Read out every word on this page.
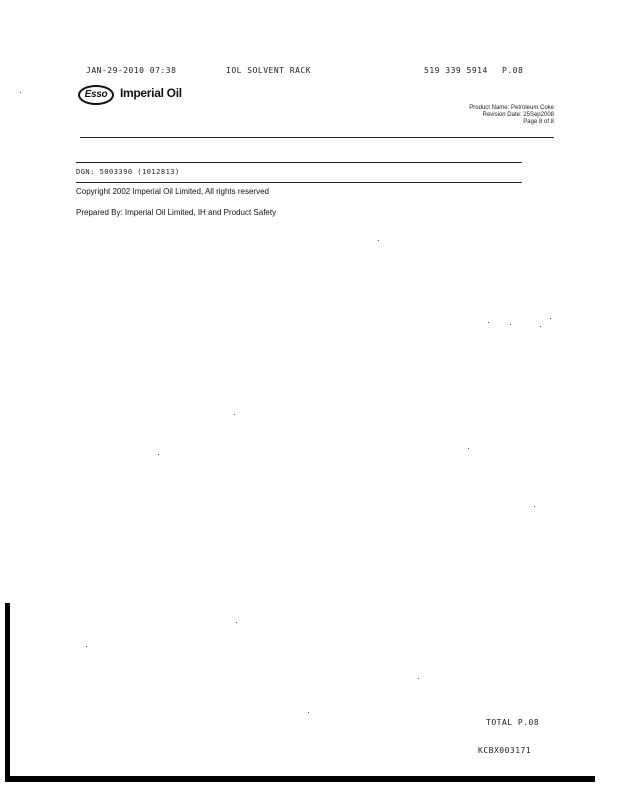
JAN-29-2010 07:38	IOL SOLVENT RACK	519 339 5914 P.08
Esso	Imperial Oil
Product Name: Petroleum Coke
Revision Date: 25Sep2008
Page 8 of 8
DGN: 5003390 (1012813)
Copyright 2002 Imperial Oil Limited, All rights reserved
Prepared By: Imperial Oil Limited, IH and Product Safety
TOTAL P.08
KCBX003171
